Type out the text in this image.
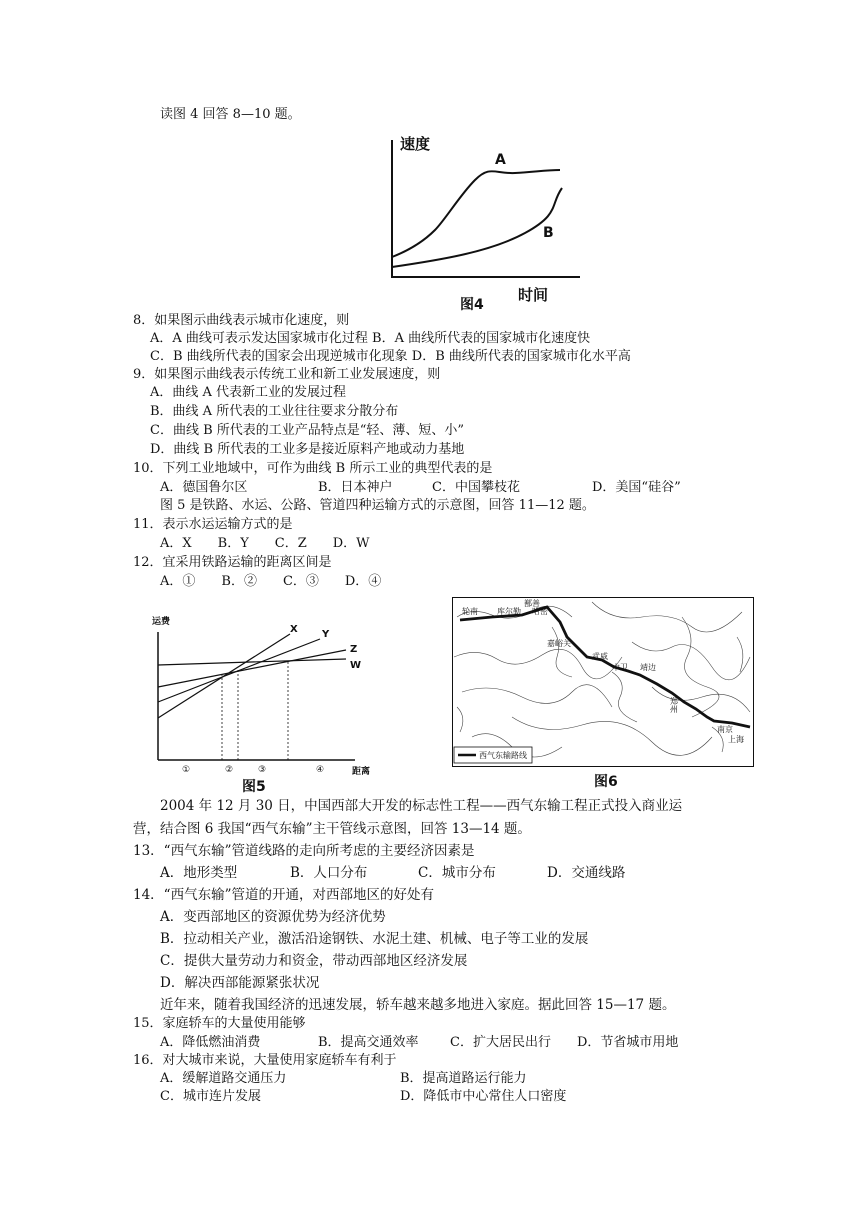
读图 4 回答 8—10 题。
速度
A
B
时间
图4
8．如果图示曲线表示城市化速度，则
A．A 曲线可表示发达国家城市化过程 B．A 曲线所代表的国家城市化速度快
C．B 曲线所代表的国家会出现逆城市化现象 D．B 曲线所代表的国家城市化水平高
9．如果图示曲线表示传统工业和新工业发展速度，则
A．曲线 A 代表新工业的发展过程
B．曲线 A 所代表的工业往往要求分散分布
C．曲线 B 所代表的工业产品特点是“轻、薄、短、小”
D．曲线 B 所代表的工业多是接近原料产地或动力基地
10．下列工业地域中，可作为曲线 B 所示工业的典型代表的是
A．德国鲁尔区	B．日本神户	C．中国攀枝花	D．美国“硅谷”
图 5 是铁路、水运、公路、管道四种运输方式的示意图，回答 11—12 题。
11．表示水运运输方式的是
A．X　　B．Y　　C．Z　　D．W
12．宜采用铁路运输的距离区间是
A．①　　B．②　　C．③　　D．④
运费
X Y
Z
W
①	②	③	④	距离
图5
轮南 库尔勒 哈密
鄯善
嘉峪关
武威
中卫 靖边
郑州
南京
上海
西气东输路线
图6
2004 年 12 月 30 日，中国西部大开发的标志性工程——西气东输工程正式投入商业运
营，结合图 6 我国“西气东输”主干管线示意图，回答 13—14 题。
13．“西气东输”管道线路的走向所考虑的主要经济因素是
A．地形类型	B．人口分布	C．城市分布	D．交通线路
14．“西气东输”管道的开通，对西部地区的好处有
A．变西部地区的资源优势为经济优势
B．拉动相关产业，激活沿途钢铁、水泥土建、机械、电子等工业的发展
C．提供大量劳动力和资金，带动西部地区经济发展
D．解决西部能源紧张状况
近年来，随着我国经济的迅速发展，轿车越来越多地进入家庭。据此回答 15—17 题。
15．家庭轿车的大量使用能够
A．降低燃油消费	B．提高交通效率 C．扩大居民出行 D．节省城市用地
16．对大城市来说，大量使用家庭轿车有利于
A．缓解道路交通压力	B．提高道路运行能力
C．城市连片发展	D．降低市中心常住人口密度
